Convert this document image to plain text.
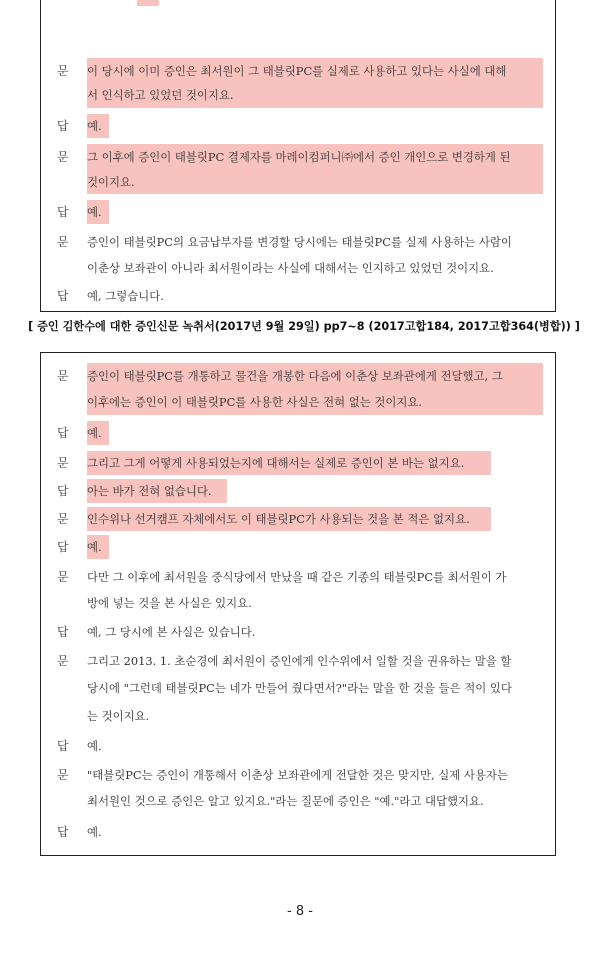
문	이 당시에 이미 증인은 최서원이 그 태블릿PC를 실제로 사용하고 있다는 사실에 대해
서 인식하고 있었던 것이지요.
답	예.
문	그 이후에 증인이 태블릿PC 결제자를 마레이컴퍼니㈜에서 증인 개인으로 변경하게 된
것이지요.
답	예.
문	증인이 태블릿PC의 요금납부자를 변경할 당시에는 태블릿PC를 실제 사용하는 사람이
이춘상 보좌관이 아니라 최서원이라는 사실에 대해서는 인지하고 있었던 것이지요.
답	예, 그렇습니다.
[ 증인 김한수에 대한 증인신문 녹취서(2017년 9월 29일) pp7~8 (2017고합184, 2017고합364(병합)) ]
문	증인이 태블릿PC를 개통하고 물건을 개봉한 다음에 이춘상 보좌관에게 전달했고, 그
이후에는 증인이 이 태블릿PC를 사용한 사실은 전혀 없는 것이지요.
답	예.
문	그리고 그게 어떻게 사용되었는지에 대해서는 실제로 증인이 본 바는 없지요.
답	아는 바가 전혀 없습니다.
문	인수위나 선거캠프 자체에서도 이 태블릿PC가 사용되는 것을 본 적은 없지요.
답	예.
문	다만 그 이후에 최서원을 중식당에서 만났을 때 같은 기종의 태블릿PC를 최서원이 가
방에 넣는 것을 본 사실은 있지요.
답	예, 그 당시에 본 사실은 있습니다.
문	그리고 2013. 1. 초순경에 최서원이 증인에게 인수위에서 일할 것을 권유하는 말을 할
당시에 "그런데 태블릿PC는 네가 만들어 줬다면서?"라는 말을 한 것을 들은 적이 있다
는 것이지요.
답	예.
문	"태블릿PC는 증인이 개통해서 이춘상 보좌관에게 전달한 것은 맞지만, 실제 사용자는
최서원인 것으로 증인은 알고 있지요."라는 질문에 증인은 "예."라고 대답했지요.
답	예.
- 8 -
